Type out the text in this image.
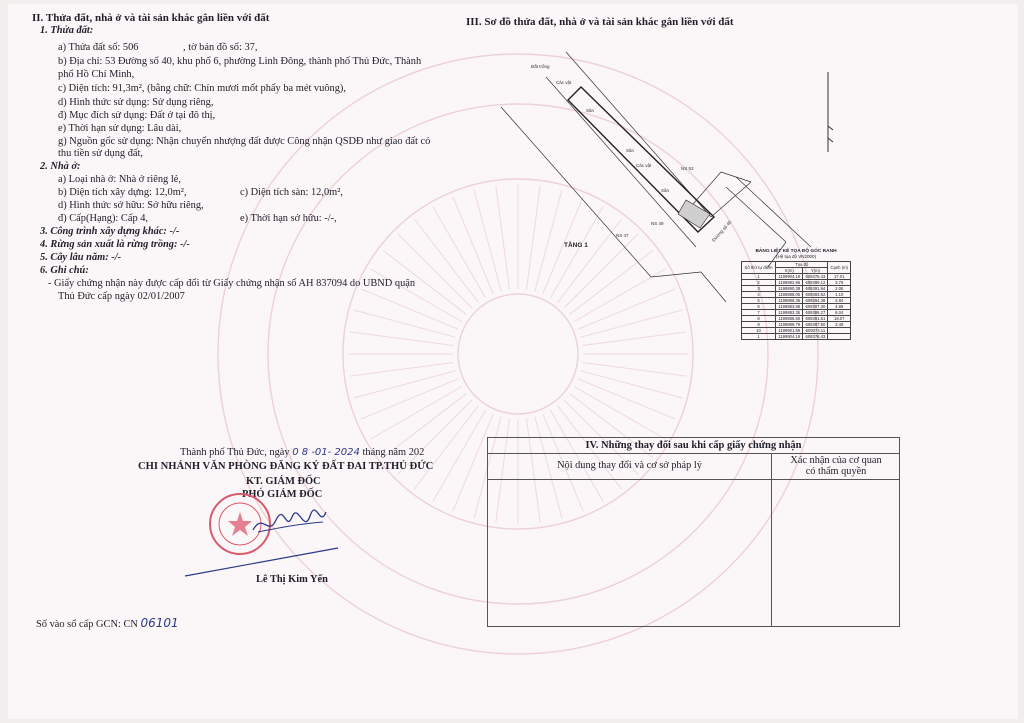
II. Thửa đất, nhà ở và tài sản khác gắn liền với đất
1. Thửa đất:
a) Thửa đất số: 506	, tờ bản đồ số: 37,
b) Địa chỉ: 53 Đường số 40, khu phố 6, phường Linh Đông, thành phố Thủ Đức, Thành
phố Hồ Chí Minh,
c) Diện tích: 91,3m², (bằng chữ: Chín mươi mốt phẩy ba mét vuông),
d) Hình thức sử dụng: Sử dụng riêng,
đ) Mục đích sử dụng: Đất ở tại đô thị,
e) Thời hạn sử dụng: Lâu dài,
g) Nguồn gốc sử dụng: Nhận chuyển nhượng đất được Công nhận QSDĐ như giao đất có
thu tiền sử dụng đất,
2. Nhà ở:
a) Loại nhà ở: Nhà ở riêng lẻ,
b) Diện tích xây dựng: 12,0m²,	c) Diện tích sàn: 12,0m²,
d) Hình thức sở hữu: Sở hữu riêng,
đ) Cấp(Hạng): Cấp 4,	e) Thời hạn sở hữu: -/-,
3. Công trình xây dựng khác: -/-
4. Rừng sản xuất là rừng trồng: -/-
5. Cây lâu năm: -/-
6. Ghi chú:
- Giấy chứng nhận này được cấp đổi từ Giấy chứng nhận số AH 837094 do UBND quận
Thủ Đức cấp ngày 02/01/2007
Thành phố Thủ Đức, ngày 0 8 -01- 2024 tháng năm 202
CHI NHÁNH VĂN PHÒNG ĐĂNG KÝ ĐẤT ĐAI TP.THỦ ĐỨC
KT. GIÁM ĐỐC
PHÓ GIÁM ĐỐC
Lê Thị Kim Yến
Số vào sổ cấp GCN: CN 06101
III. Sơ đồ thửa đất, nhà ở và tài sản khác gắn liền với đất
Đất trống
Các vật
Sân
Sân
Sân
Các vật
NS 53
NS 49
NS 47	Đường số 40
TẦNG 1
BẢNG LIỆT KÊ TỌA ĐỘ GÓC RANH
(Hệ tọa độ VN2000)
Số thứ tự điểm	Tọa độ		Cạnh (m)
	X(m)	Y(m)	
1	1199904.19	609376.43	17.01
2	1199892.86	609389.12	3.76
3	1199890.38	609391.94	2.06
4	1199888.05	609393.52	1.10
5	1199886.35	609394.38	3.84
6	1199883.88	609397.30	4.88
7	1199883.35	609395.27	6.04
8	1199886.50	609391.61	18.07
9	1199889.79	609387.60	3.48
10	1199901.59	609374.11	
1	1199904.19	609376.43	
IV. Những thay đổi sau khi cấp giấy chứng nhận
Nội dung thay đổi và cơ sở pháp lý	Xác nhận của cơ quan
có thẩm quyền
